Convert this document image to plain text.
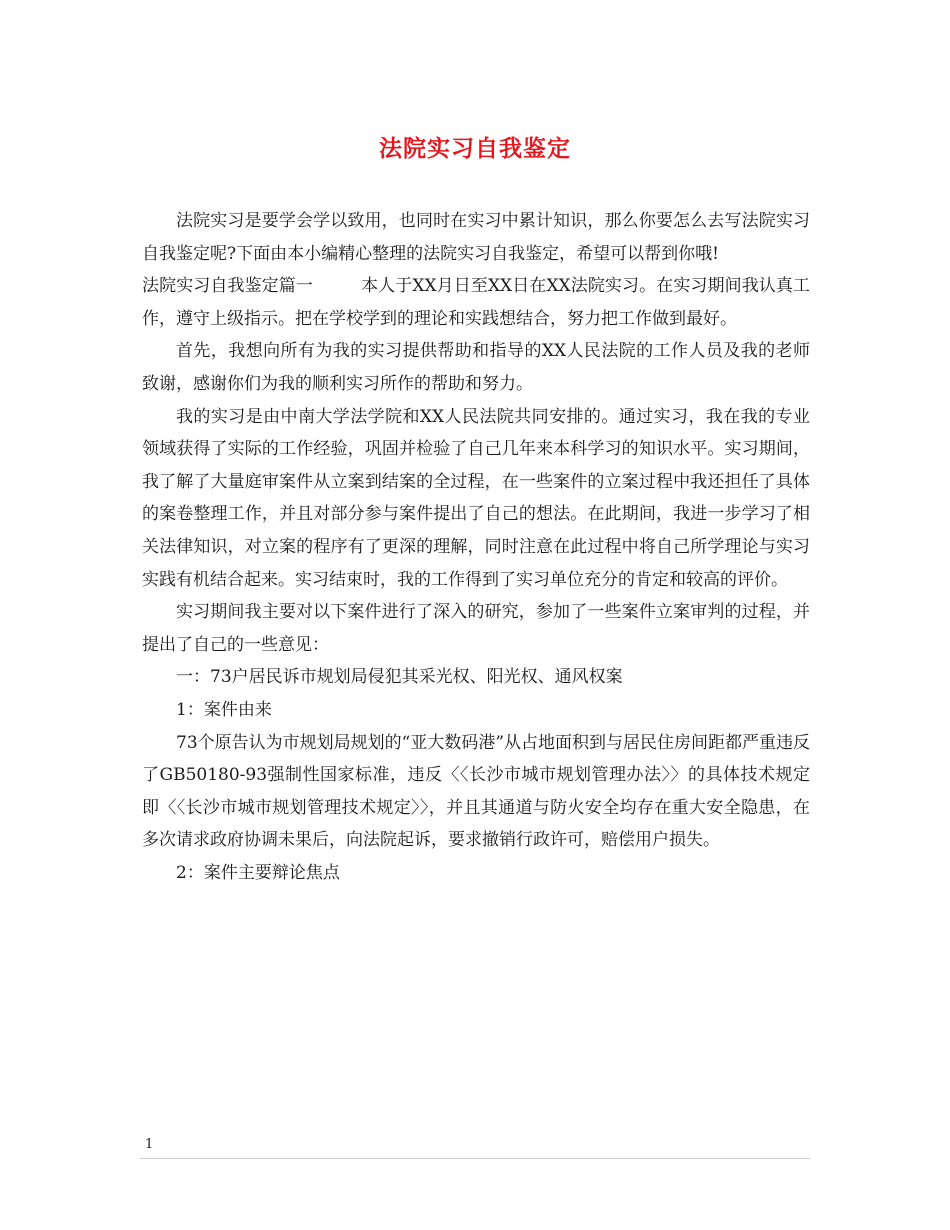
法院实习自我鉴定

法院实习是要学会学以致用，也同时在实习中累计知识，那么你要怎么去写法院实习自我鉴定呢?下面由本小编精心整理的法院实习自我鉴定，希望可以帮到你哦!

法院实习自我鉴定篇一	本人于XX月日至XX日在XX法院实习。在实习期间我认真工作，遵守上级指示。把在学校学到的理论和实践想结合，努力把工作做到最好。

首先，我想向所有为我的实习提供帮助和指导的XX人民法院的工作人员及我的老师致谢，感谢你们为我的顺利实习所作的帮助和努力。

我的实习是由中南大学法学院和XX人民法院共同安排的。通过实习，我在我的专业领域获得了实际的工作经验，巩固并检验了自己几年来本科学习的知识水平。实习期间，我了解了大量庭审案件从立案到结案的全过程，在一些案件的立案过程中我还担任了具体的案卷整理工作，并且对部分参与案件提出了自己的想法。在此期间，我进一步学习了相关法律知识，对立案的程序有了更深的理解，同时注意在此过程中将自己所学理论与实习实践有机结合起来。实习结束时，我的工作得到了实习单位充分的肯定和较高的评价。

实习期间我主要对以下案件进行了深入的研究，参加了一些案件立案审判的过程，并提出了自己的一些意见：

一：73户居民诉市规划局侵犯其采光权、阳光权、通风权案

1：案件由来

73个原告认为市规划局规划的“亚大数码港”从占地面积到与居民住房间距都严重违反了GB50180-93强制性国家标准，违反〈〈长沙市城市规划管理办法〉〉的具体技术规定即〈〈长沙市城市规划管理技术规定〉〉，并且其通道与防火安全均存在重大安全隐患，在多次请求政府协调未果后，向法院起诉，要求撤销行政许可，赔偿用户损失。

2：案件主要辩论焦点

1
